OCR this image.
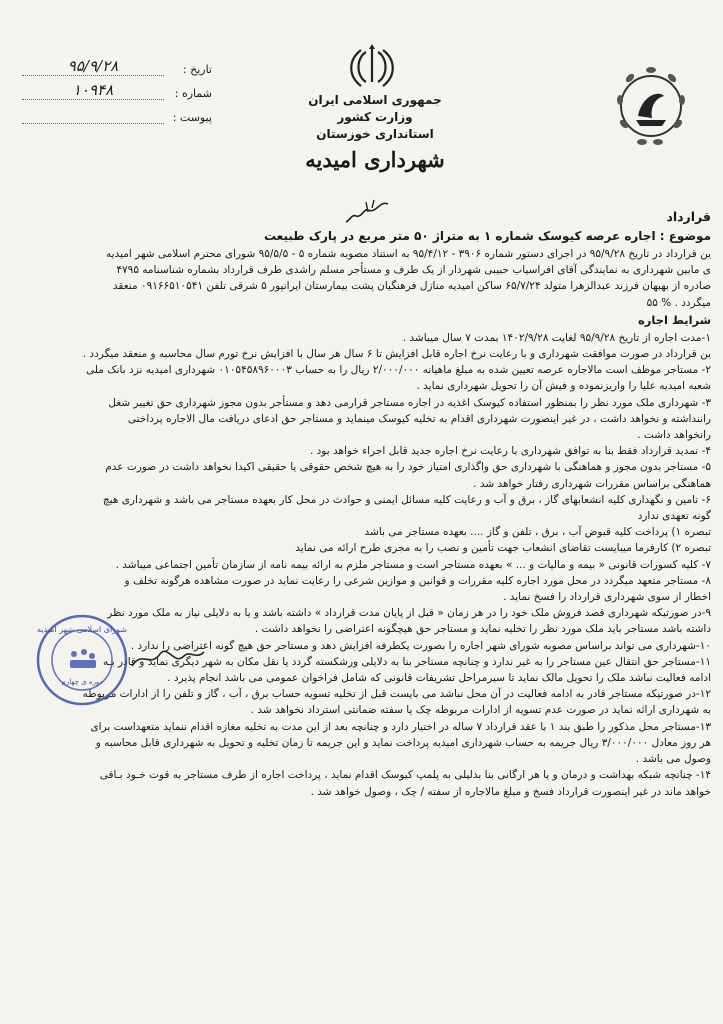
تاریخ :
۹۵/۹/۲۸
شماره :
۱۰۹۴۸
پیوست :
جمهوری اسلامی ایران
وزارت کشور
استانداری خوزستان
شهرداری امیدیه
قرارداد
موضوع : اجاره عرصه کیوسک شماره ۱ به متراژ ۵۰ متر مربع در پارک طبیعت
ین قرارداد در تاریخ ۹۵/۹/۲۸ در اجرای دستور شماره ۳۹۰۶ - ۹۵/۴/۱۲ به استناد مصوبه شماره ۵ - ۹۵/۵/۵ شورای محترم اسلامی شهر امیدیه
ی مابین شهرداری به نمایندگی آقای افراسیاب حبیبی شهردار از یک طرف و مستأجر مسلم راشدی طرف قرارداد بشماره شناسنامه ۴۷۹۵
صادره از بهبهان فرزند عبدالزهرا متولد ۶۵/۷/۲۴ ساکن امیدیه منازل فرهنگیان پشت بیمارستان ایرانپور ۵ شرقی تلفن ۰۹۱۶۶۵۱۰۵۴۱ منعقد
میگردد . % ۵۵
شرایط اجاره
۱-مدت اجاره از تاریخ ۹۵/۹/۲۸ لغایت ۱۴۰۲/۹/۲۸ بمدت ۷ سال میباشد .
ین قرارداد در صورت موافقت شهرداری و با رعایت نرخ اجاره قابل افزایش تا ۶ سال هر سال با افزایش نرخ تورم سال محاسبه و منعقد میگردد .
۲- مستاجر موظف است مالاجاره عرصه تعیین شده به مبلغ ماهیانه ۲/۰۰۰/۰۰۰ ریال را به حساب ۰۱۰۵۴۵۸۹۶۰۰۰۳ شهرداری امیدیه نزد بانک ملی
شعبه امیدیه علیا را واریزنموده و فیش آن را تحویل شهرداری نماید .
۳- شهرداری ملک مورد نظر را بمنظور استفاده کیوسک اغذیه در اجاره مستاجر قرارمی دهد و مستأجر بدون مجوز شهرداری حق تغییر شغل
راننداشته و نخواهد داشت ، در غیر اینصورت شهرداری اقدام به تخلیه کیوسک مینماید و مستاجر حق ادعای دریافت مال الاجاره پرداختی
رانخواهد داشت .
۴- تمدید قرارداد فقط بنا به توافق شهرداری با رعایت نرخ اجاره جدید قابل اجراء خواهد بود .
۵- مستاجر بدون مجوز و هماهنگی با شهرداری حق واگذاری امتیاز خود را به هیچ شخص حقوقی یا حقیقی اکیدا نخواهد داشت در صورت عدم
هماهنگی براساس مقررات شهرداری رفتار خواهد شد .
۶- تامین و نگهداری کلیه انشعابهای گاز ، برق و آب و رعایت کلیه مسائل ایمنی و حوادث در محل کار بعهده مستاجر می باشد و شهرداری هیچ
گونه تعهدی ندارد
تبصره ۱) پرداخت کلیه قبوض آب ، برق ، تلفن و گاز .... بعهده مستاجر می باشد
تبصره ۲) کارفرما میبایست تقاضای انشعاب جهت تأمین و نصب را به مجری طرح ارائه می نماید
۷- کلیه کسورات قانونی « بیمه و مالیات و ... » بعهده مستاجر است و مستاجر ملزم به ارائه بیمه نامه از سازمان تأمین اجتماعی میباشد .
۸- مستاجر متعهد میگردد در محل مورد اجاره کلیه مقررات و قوانین و موازین شرعی را رعایت نماید در صورت مشاهده هرگونه تخلف و
اخطار از سوی شهرداری قرارداد را فسخ نماید .
۹-در صورتیکه شهرداری قصد فروش ملک خود را در هر زمان « قبل از پایان مدت قرارداد » داشته باشد و یا به دلایلی نیاز به ملک مورد نظر
داشته باشد مستاجر باید ملک مورد نظر را تخلیه نماید و مستاجر حق هیچگونه اعتراضی را نخواهد داشت .
۱۰-شهرداری می تواند براساس مصوبه شورای شهر اجاره را بصورت یکطرفه افزایش دهد و مستاجر حق هیچ گونه اعتراضی را ندارد .
۱۱-مستاجر حق انتقال عین مستاجر را به غیر ندارد و چنانچه مستاجر بنا به دلایلی ورشکسته گردد یا نقل مکان به شهر دیگری نماید و قادر بـه
ادامه فعالیت نباشد ملک را تحویل مالک نماید تا سیرمراحل تشریفات قانونی که شامل فراخوان عمومی می باشد انجام پذیرد .
۱۲-در صورتیکه مستاجر قادر به ادامه فعالیت در آن محل نباشد می بایست قبل از تخلیه تسویه حساب برق ، آب ، گاز و تلفن را از ادارات مربوطه
به شهرداری ارائه نماید در صورت عدم تسویه از ادارات مربوطه چک یا سفته ضمانتی استرداد نخواهد شد .
۱۳-مستاجر محل مذکور را طبق بند ۱ با عقد قرارداد ۷ ساله در اختیار دارد و چنانچه بعد از این مدت به تخلیه مغازه اقدام ننماید متعهداست برای
هر روز معادل ۳/۰۰۰/۰۰۰ ریال جریمه به حساب شهرداری امیدیه پرداخت نماید و این جریمه تا زمان تخلیه و تحویل به شهرداری قابل محاسبه و
وصول می باشد .
۱۴- چنانچه شبکه بهداشت و درمان و یا هر ارگانی بنا بدلیلی به پلمپ کیوسک اقدام نماید ، پرداخت اجاره از طرف مستاجر به قوت خـود بـاقی
خواهد ماند در غیر اینصورت قرارداد فسخ و مبلغ مالاجاره از سفته / چک ، وصول خواهد شد .
شورای اسلامی شهر امیدیه
دوره ی چهارم
